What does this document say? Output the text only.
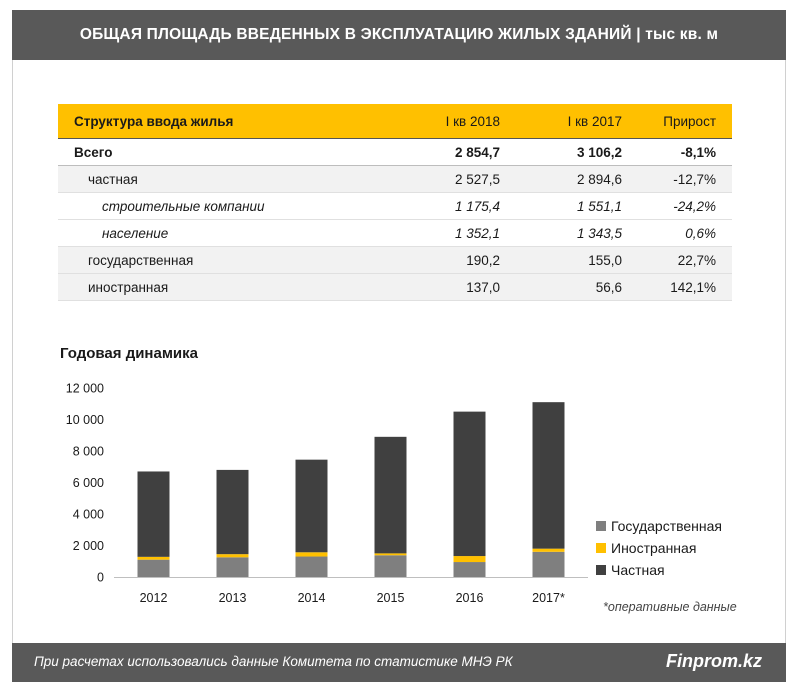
ОБЩАЯ ПЛОЩАДЬ ВВЕДЕННЫХ В ЭКСПЛУАТАЦИЮ ЖИЛЫХ ЗДАНИЙ | тыс кв. м
Структура ввода жилья	I кв 2018	I кв 2017	Прирост
Всего	2 854,7	3 106,2	-8,1%
частная	2 527,5	2 894,6	-12,7%
строительные компании	1 175,4	1 551,1	-24,2%
население	1 352,1	1 343,5	0,6%
государственная	190,2	155,0	22,7%
иностранная	137,0	56,6	142,1%
Годовая динамика
0
2 000
4 000
6 000
8 000
10 000
12 000
2012	2013	2014	2015	2016	2017*
Государственная
Иностранная
Частная
*оперативные данные
При расчетах использовались данные Комитета по статистике МНЭ РК	Finprom.kz
